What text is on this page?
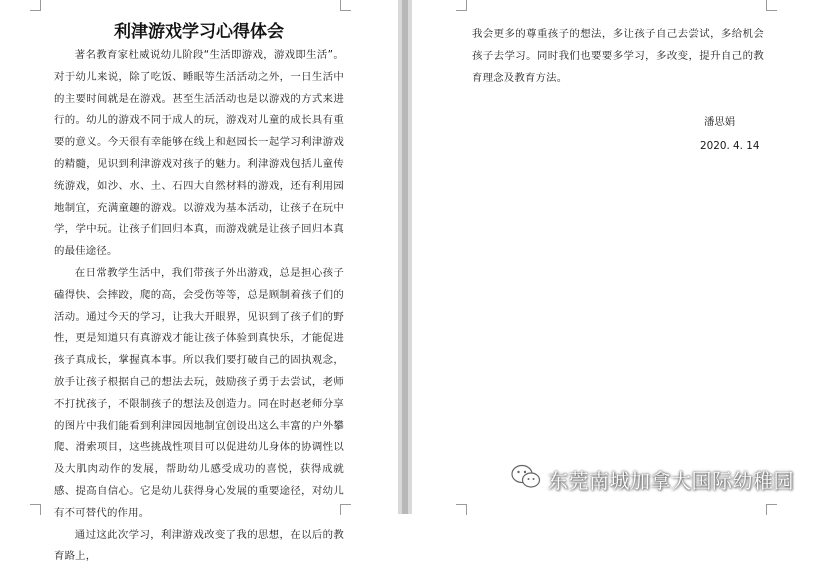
利津游戏学习心得体会

著名教育家杜威说幼儿阶段“生活即游戏，游戏即生活”。对于幼儿来说，除了吃饭、睡眠等生活活动之外，一日生活中的主要时间就是在游戏。甚至生活活动也是以游戏的方式来进行的。幼儿的游戏不同于成人的玩，游戏对儿童的成长具有重要的意义。今天很有幸能够在线上和赵园长一起学习利津游戏的精髓，见识到利津游戏对孩子的魅力。利津游戏包括儿童传统游戏，如沙、水、土、石四大自然材料的游戏，还有利用园地制宜，充满童趣的游戏。以游戏为基本活动，让孩子在玩中学，学中玩。让孩子们回归本真，而游戏就是让孩子回归本真的最佳途径。

在日常教学生活中，我们带孩子外出游戏，总是担心孩子磕得快、会摔跤，爬的高，会受伤等等，总是顾制着孩子们的活动。通过今天的学习，让我大开眼界，见识到了孩子们的野性，更是知道只有真游戏才能让孩子体验到真快乐，才能促进孩子真成长，掌握真本事。所以我们要打破自己的固执观念，放手让孩子根据自己的想法去玩，鼓励孩子勇于去尝试，老师不打扰孩子，不限制孩子的想法及创造力。同在时赵老师分享的图片中我们能看到利津园因地制宜创设出这么丰富的户外攀爬、滑索项目，这些挑战性项目可以促进幼儿身体的协调性以及大肌肉动作的发展，帮助幼儿感受成功的喜悦，获得成就感、提高自信心。它是幼儿获得身心发展的重要途径，对幼儿有不可替代的作用。

通过这此次学习，利津游戏改变了我的思想，在以后的教育路上，

我会更多的尊重孩子的想法，多让孩子自己去尝试，多给机会孩子去学习。同时我们也要要多学习，多改变，提升自己的教育理念及教育方法。

潘思娟
2020. 4. 14
东莞南城加拿大国际幼稚园
